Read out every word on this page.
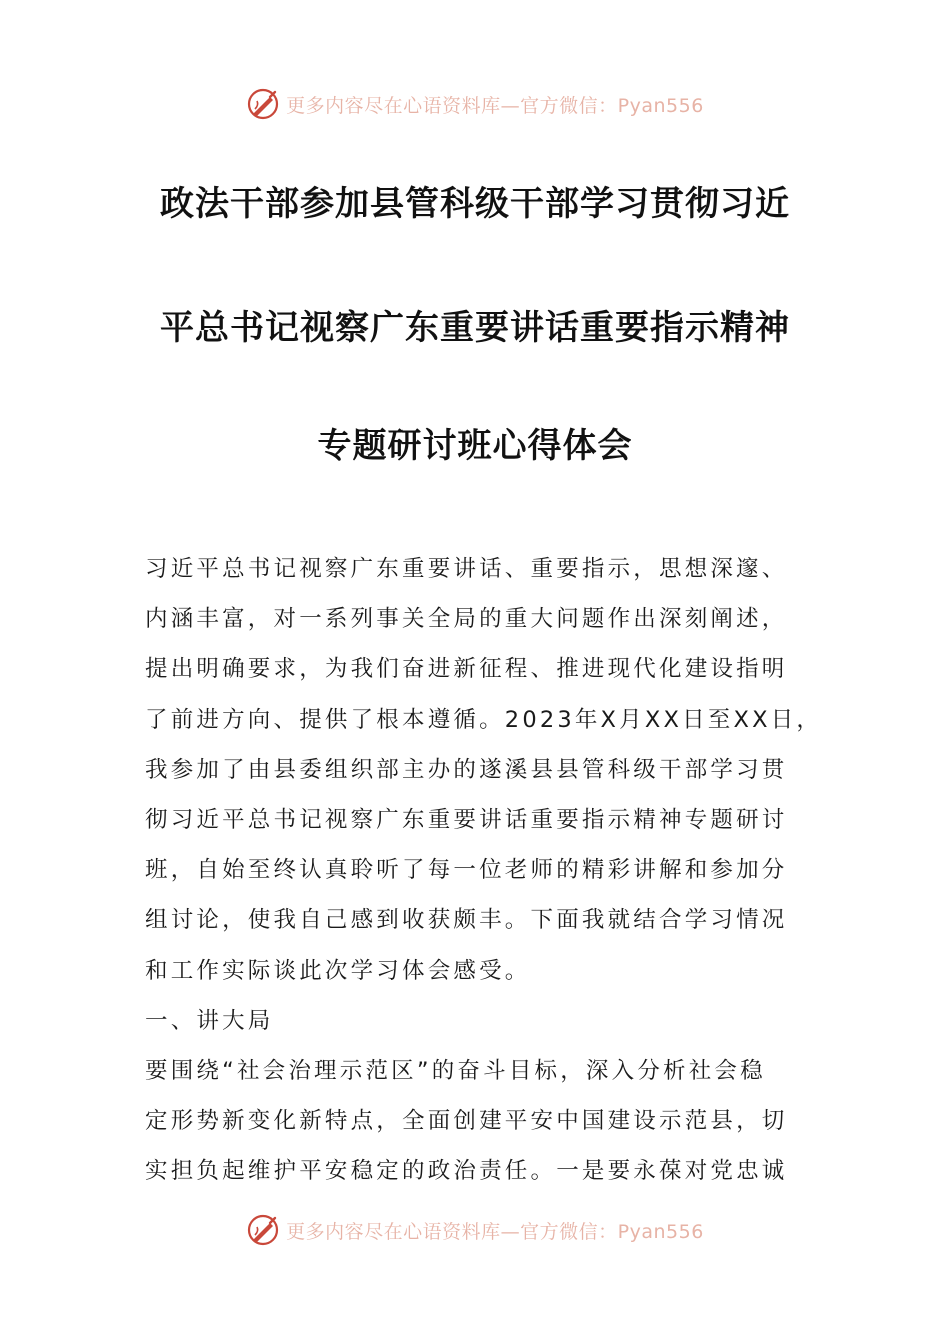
更多内容尽在心语资料库—官方微信：Pyan556
政法干部参加县管科级干部学习贯彻习近
平总书记视察广东重要讲话重要指示精神
专题研讨班心得体会
习近平总书记视察广东重要讲话、重要指示，思想深邃、
内涵丰富，对一系列事关全局的重大问题作出深刻阐述，
提出明确要求，为我们奋进新征程、推进现代化建设指明
了前进方向、提供了根本遵循。2023年X月XX日至XX日，
我参加了由县委组织部主办的遂溪县县管科级干部学习贯
彻习近平总书记视察广东重要讲话重要指示精神专题研讨
班，自始至终认真聆听了每一位老师的精彩讲解和参加分
组讨论，使我自己感到收获颇丰。下面我就结合学习情况
和工作实际谈此次学习体会感受。
一、讲大局
要围绕“社会治理示范区”的奋斗目标，深入分析社会稳
定形势新变化新特点，全面创建平安中国建设示范县，切
实担负起维护平安稳定的政治责任。一是要永葆对党忠诚
更多内容尽在心语资料库—官方微信：Pyan556
